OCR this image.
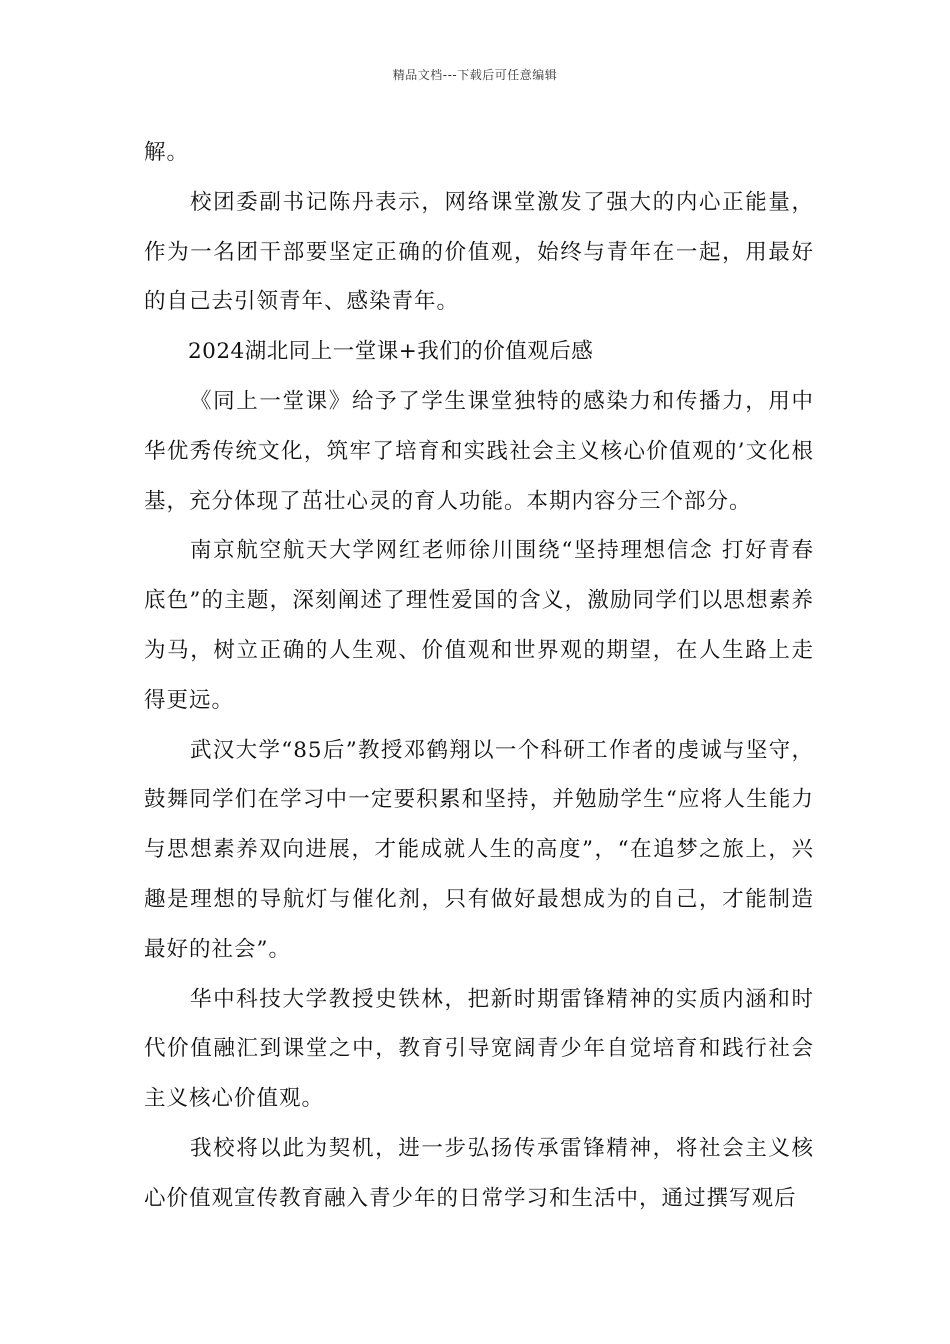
精品文档---下载后可任意编辑

解。

校团委副书记陈丹表示，网络课堂激发了强大的内心正能量，作为一名团干部要坚定正确的价值观，始终与青年在一起，用最好的自己去引领青年、感染青年。

2024湖北同上一堂课+我们的价值观后感

《同上一堂课》给予了学生课堂独特的感染力和传播力，用中华优秀传统文化，筑牢了培育和实践社会主义核心价值观的’文化根基，充分体现了茁壮心灵的育人功能。本期内容分三个部分。

南京航空航天大学网红老师徐川围绕“坚持理想信念 打好青春底色”的主题，深刻阐述了理性爱国的含义，激励同学们以思想素养为马，树立正确的人生观、价值观和世界观的期望，在人生路上走得更远。

武汉大学“85后”教授邓鹤翔以一个科研工作者的虔诚与坚守，鼓舞同学们在学习中一定要积累和坚持，并勉励学生“应将人生能力与思想素养双向进展，才能成就人生的高度”，“在追梦之旅上，兴趣是理想的导航灯与催化剂，只有做好最想成为的自己，才能制造最好的社会”。

华中科技大学教授史铁林，把新时期雷锋精神的实质内涵和时代价值融汇到课堂之中，教育引导宽阔青少年自觉培育和践行社会主义核心价值观。

我校将以此为契机，进一步弘扬传承雷锋精神，将社会主义核心价值观宣传教育融入青少年的日常学习和生活中，通过撰写观后
